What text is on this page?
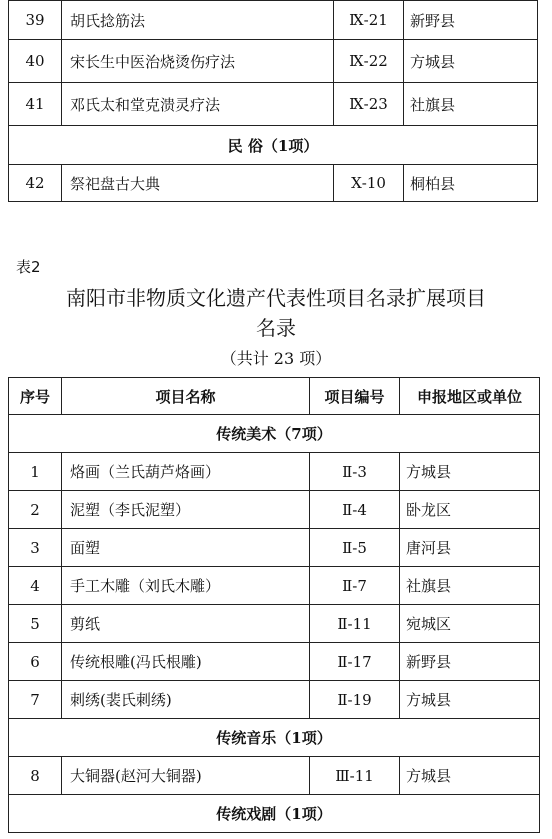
39	胡氏捻筋法	Ⅸ-21	新野县
40	宋长生中医治烧烫伤疗法	Ⅸ-22	方城县
41	邓氏太和堂克溃灵疗法	Ⅸ-23	社旗县
民 俗（1项）			
42	祭祀盘古大典	Ⅹ-10	桐柏县
表2
南阳市非物质文化遗产代表性项目名录扩展项目
名录
（共计 23 项）
序号	项目名称	项目编号	申报地区或单位
传统美术（7项）			
1	烙画（兰氏葫芦烙画）	Ⅱ-3	方城县
2	泥塑（李氏泥塑）	Ⅱ-4	卧龙区
3	面塑	Ⅱ-5	唐河县
4	手工木雕（刘氏木雕）	Ⅱ-7	社旗县
5	剪纸	Ⅱ-11	宛城区
6	传统根雕(冯氏根雕)	Ⅱ-17	新野县
7	刺绣(裴氏刺绣)	Ⅱ-19	方城县
传统音乐（1项）			
8	大铜器(赵河大铜器)	Ⅲ-11	方城县
传统戏剧（1项）			
